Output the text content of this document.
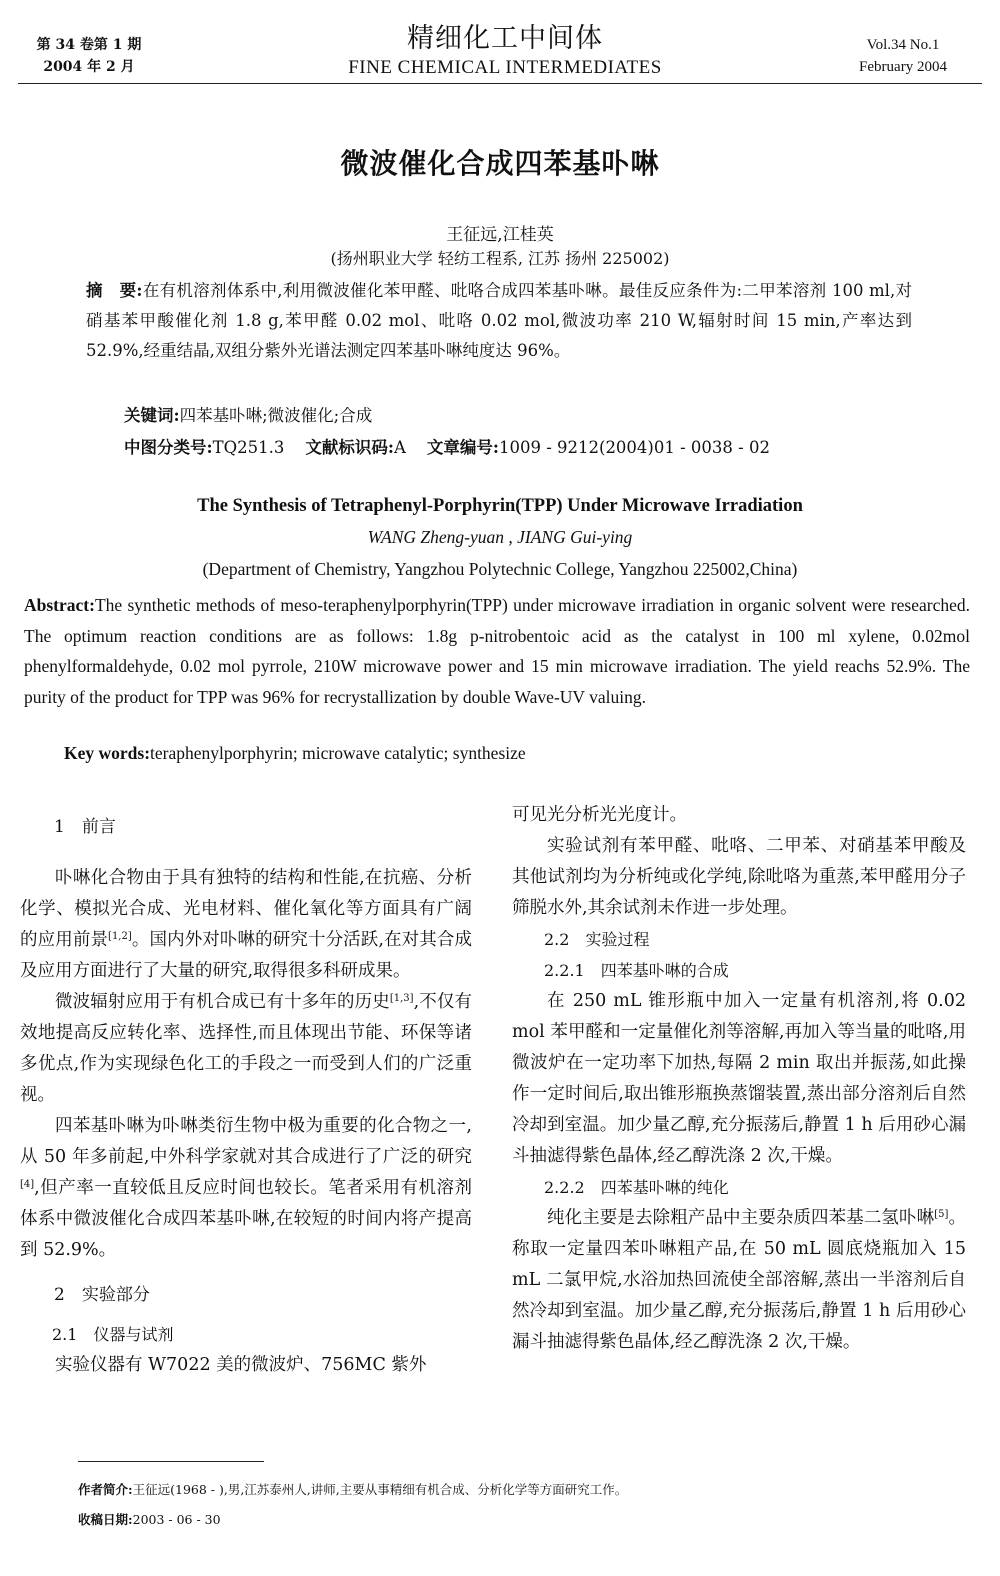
第 34 卷第 1 期
2004 年 2 月
精细化工中间体
FINE CHEMICAL INTERMEDIATES
Vol.34 No.1
February 2004
微波催化合成四苯基卟啉
王征远,江桂英
(扬州职业大学 轻纺工程系, 江苏 扬州 225002)
摘　要:在有机溶剂体系中,利用微波催化苯甲醛、吡咯合成四苯基卟啉。最佳反应条件为:二甲苯溶剂 100 ml,对硝基苯甲酸催化剂 1.8 g,苯甲醛 0.02 mol、吡咯 0.02 mol,微波功率 210 W,辐射时间 15 min,产率达到 52.9%,经重结晶,双组分紫外光谱法测定四苯基卟啉纯度达 96%。
关键词:四苯基卟啉;微波催化;合成
中图分类号:TQ251.3 文献标识码:A 文章编号:1009 - 9212(2004)01 - 0038 - 02
The Synthesis of Tetraphenyl-Porphyrin(TPP) Under Microwave Irradiation
WANG Zheng-yuan , JIANG Gui-ying
(Department of Chemistry, Yangzhou Polytechnic College, Yangzhou 225002,China)
Abstract:The synthetic methods of meso-teraphenylporphyrin(TPP) under microwave irradiation in organic solvent were researched. The optimum reaction conditions are as follows: 1.8g p-nitrobentoic acid as the catalyst in 100 ml xylene, 0.02mol phenylformaldehyde, 0.02 mol pyrrole, 210W microwave power and 15 min microwave irradiation. The yield reachs 52.9%. The purity of the product for TPP was 96% for recrystallization by double Wave-UV valuing.
Key words:teraphenylporphyrin; microwave catalytic; synthesize

1　前言

卟啉化合物由于具有独特的结构和性能,在抗癌、分析化学、模拟光合成、光电材料、催化氧化等方面具有广阔的应用前景[1,2]。国内外对卟啉的研究十分活跃,在对其合成及应用方面进行了大量的研究,取得很多科研成果。

微波辐射应用于有机合成已有十多年的历史[1,3],不仅有效地提高反应转化率、选择性,而且体现出节能、环保等诸多优点,作为实现绿色化工的手段之一而受到人们的广泛重视。

四苯基卟啉为卟啉类衍生物中极为重要的化合物之一,从 50 年多前起,中外科学家就对其合成进行了广泛的研究[4],但产率一直较低且反应时间也较长。笔者采用有机溶剂体系中微波催化合成四苯基卟啉,在较短的时间内将产提高到 52.9%。

2　实验部分

2.1　仪器与试剂

实验仪器有 W7022 美的微波炉、756MC 紫外

可见光分析光光度计。

实验试剂有苯甲醛、吡咯、二甲苯、对硝基苯甲酸及其他试剂均为分析纯或化学纯,除吡咯为重蒸,苯甲醛用分子筛脱水外,其余试剂未作进一步处理。

2.2　实验过程

2.2.1　四苯基卟啉的合成

在 250 mL 锥形瓶中加入一定量有机溶剂,将 0.02 mol 苯甲醛和一定量催化剂等溶解,再加入等当量的吡咯,用微波炉在一定功率下加热,每隔 2 min 取出并振荡,如此操作一定时间后,取出锥形瓶换蒸馏装置,蒸出部分溶剂后自然冷却到室温。加少量乙醇,充分振荡后,静置 1 h 后用砂心漏斗抽滤得紫色晶体,经乙醇洗涤 2 次,干燥。

2.2.2　四苯基卟啉的纯化

纯化主要是去除粗产品中主要杂质四苯基二氢卟啉[5]。称取一定量四苯卟啉粗产品,在 50 mL 圆底烧瓶加入 15 mL 二氯甲烷,水浴加热回流使全部溶解,蒸出一半溶剂后自然冷却到室温。加少量乙醇,充分振荡后,静置 1 h 后用砂心漏斗抽滤得紫色晶体,经乙醇洗涤 2 次,干燥。

作者简介:王征远(1968 - ),男,江苏泰州人,讲师,主要从事精细有机合成、分析化学等方面研究工作。
收稿日期:2003 - 06 - 30
